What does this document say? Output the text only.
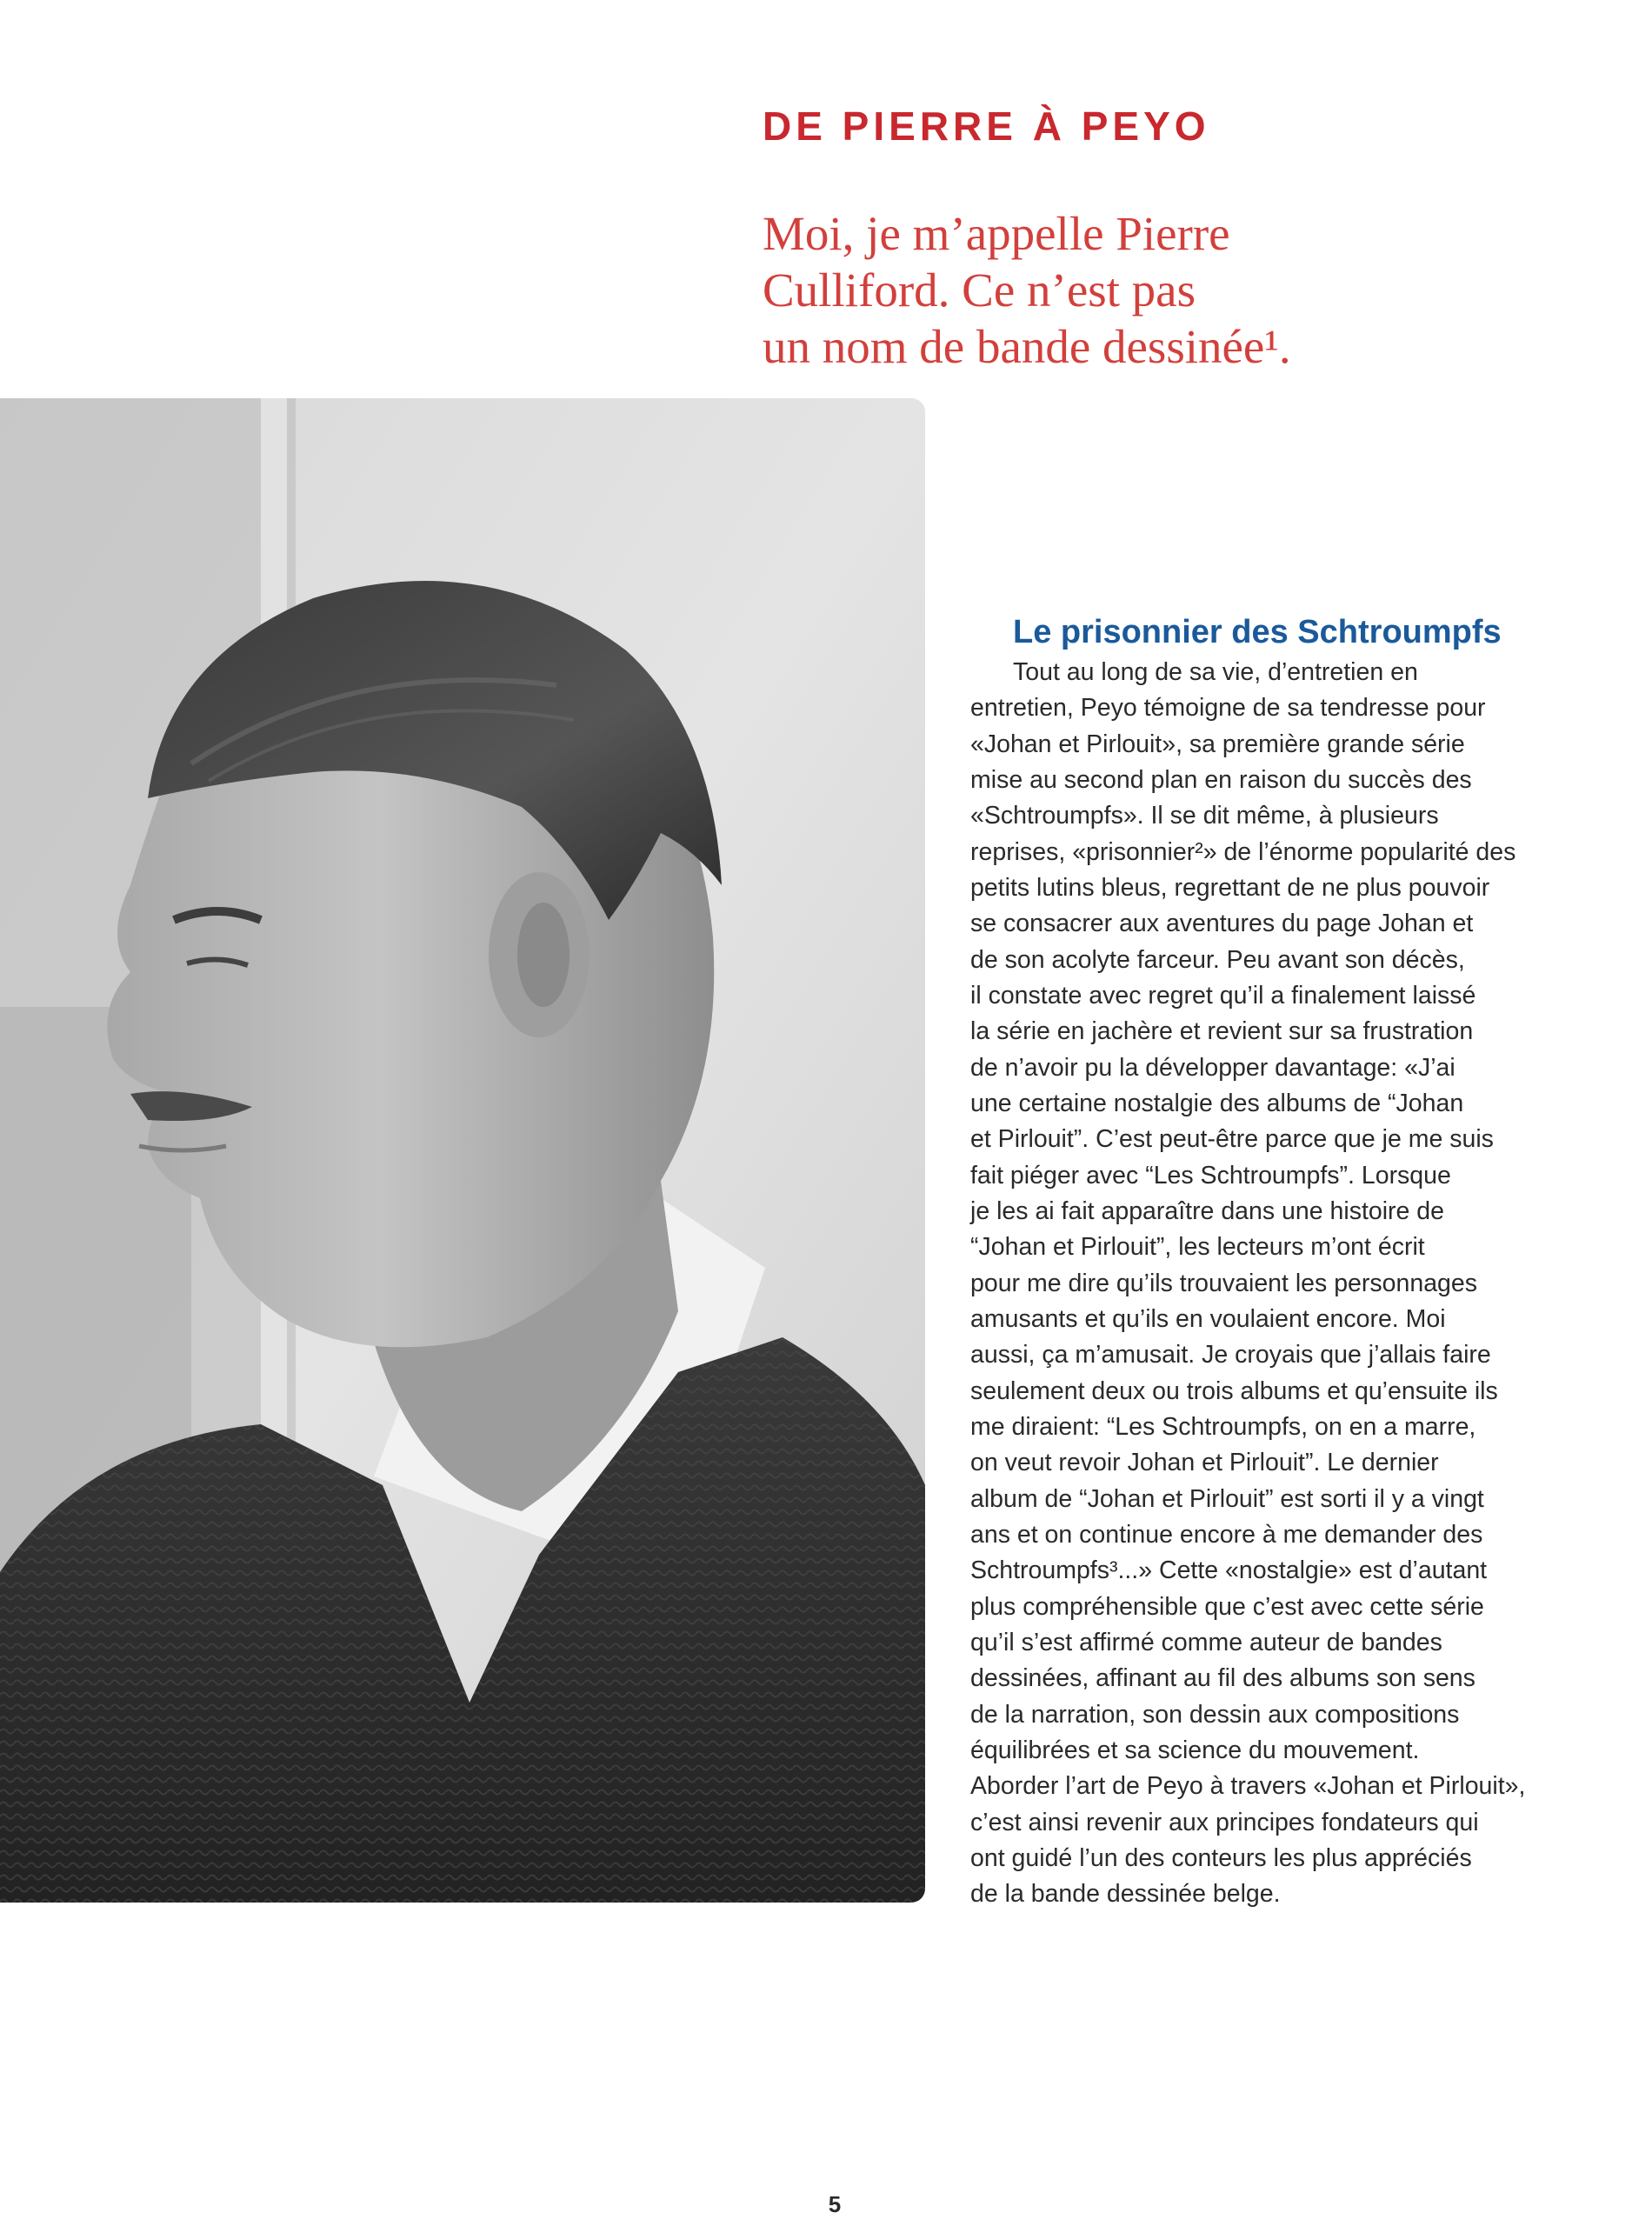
DE PIERRE À PEYO
Moi, je m’appelle Pierre
Culliford. Ce n’est pas
un nom de bande dessinée¹.
Le prisonnier des Schtroumpfs
Tout au long de sa vie, d’entretien en
entretien, Peyo témoigne de sa tendresse pour
«Johan et Pirlouit», sa première grande série
mise au second plan en raison du succès des
«Schtroumpfs». Il se dit même, à plusieurs
reprises, «prisonnier²» de l’énorme popularité des
petits lutins bleus, regrettant de ne plus pouvoir
se consacrer aux aventures du page Johan et
de son acolyte farceur. Peu avant son décès,
il constate avec regret qu’il a finalement laissé
la série en jachère et revient sur sa frustration
de n’avoir pu la développer davantage: «J’ai
une certaine nostalgie des albums de “Johan
et Pirlouit”. C’est peut-être parce que je me suis
fait piéger avec “Les Schtroumpfs”. Lorsque
je les ai fait apparaître dans une histoire de
“Johan et Pirlouit”, les lecteurs m’ont écrit
pour me dire qu’ils trouvaient les personnages
amusants et qu’ils en voulaient encore. Moi
aussi, ça m’amusait. Je croyais que j’allais faire
seulement deux ou trois albums et qu’ensuite ils
me diraient: “Les Schtroumpfs, on en a marre,
on veut revoir Johan et Pirlouit”. Le dernier
album de “Johan et Pirlouit” est sorti il y a vingt
ans et on continue encore à me demander des
Schtroumpfs³...» Cette «nostalgie» est d’autant
plus compréhensible que c’est avec cette série
qu’il s’est affirmé comme auteur de bandes
dessinées, affinant au fil des albums son sens
de la narration, son dessin aux compositions
équilibrées et sa science du mouvement.
Aborder l’art de Peyo à travers «Johan et Pirlouit»,
c’est ainsi revenir aux principes fondateurs qui
ont guidé l’un des conteurs les plus appréciés
de la bande dessinée belge.
5
